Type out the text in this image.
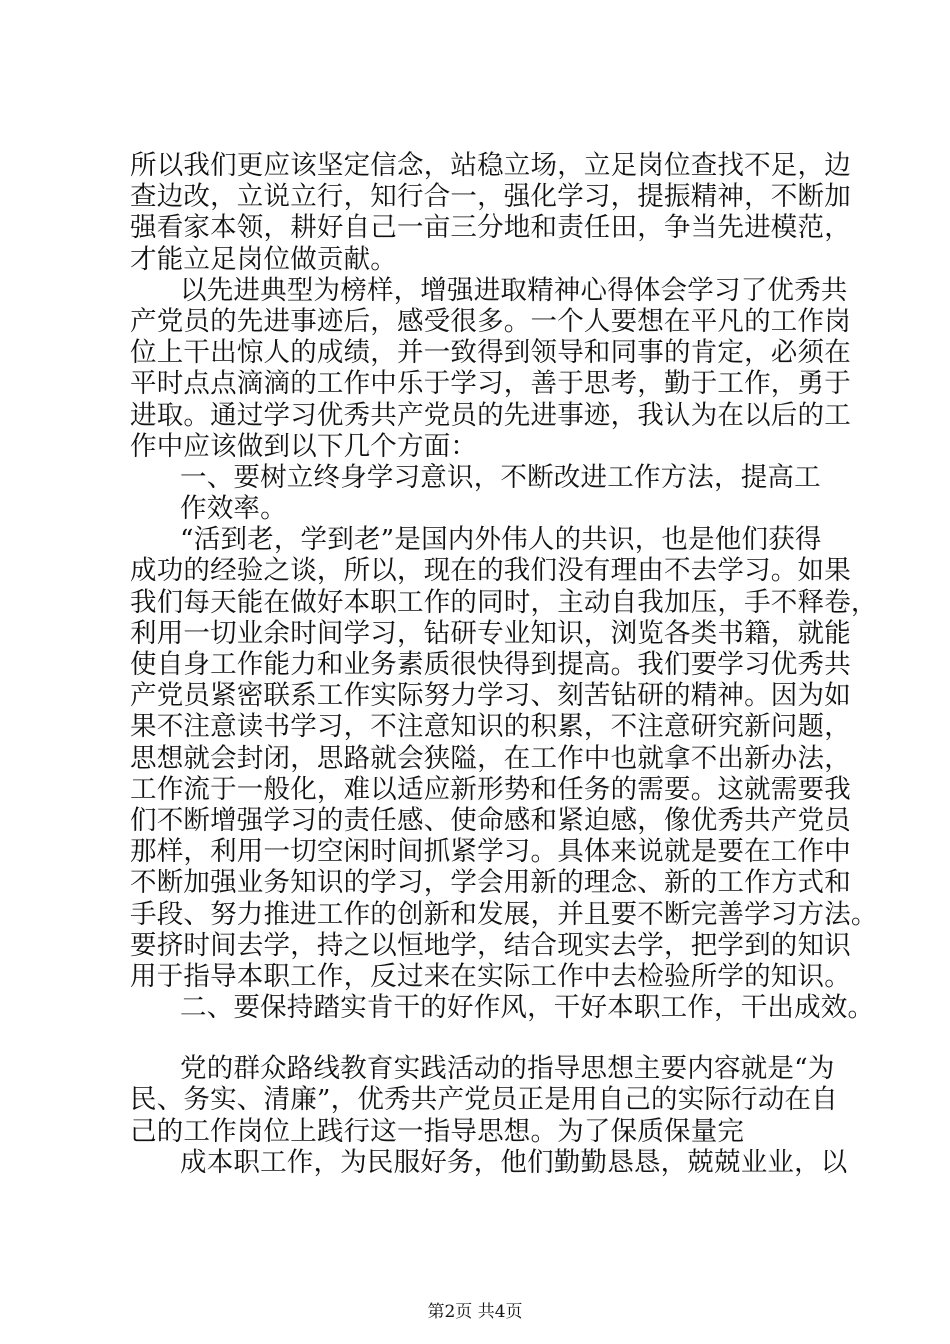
所以我们更应该坚定信念，站稳立场，立足岗位查找不足，边
查边改，立说立行，知行合一，强化学习，提振精神，不断加
强看家本领，耕好自己一亩三分地和责任田，争当先进模范，
才能立足岗位做贡献。
以先进典型为榜样，增强进取精神心得体会学习了优秀共
产党员的先进事迹后，感受很多。一个人要想在平凡的工作岗
位上干出惊人的成绩，并一致得到领导和同事的肯定，必须在
平时点点滴滴的工作中乐于学习，善于思考，勤于工作，勇于
进取。通过学习优秀共产党员的先进事迹，我认为在以后的工
作中应该做到以下几个方面：
一、要树立终身学习意识，不断改进工作方法，提高工
作效率。
“活到老，学到老”是国内外伟人的共识，也是他们获得
成功的经验之谈，所以，现在的我们没有理由不去学习。如果
我们每天能在做好本职工作的同时，主动自我加压，手不释卷，
利用一切业余时间学习，钻研专业知识，浏览各类书籍，就能
使自身工作能力和业务素质很快得到提高。我们要学习优秀共
产党员紧密联系工作实际努力学习、刻苦钻研的精神。因为如
果不注意读书学习，不注意知识的积累，不注意研究新问题，
思想就会封闭，思路就会狭隘，在工作中也就拿不出新办法，
工作流于一般化，难以适应新形势和任务的需要。这就需要我
们不断增强学习的责任感、使命感和紧迫感，像优秀共产党员
那样，利用一切空闲时间抓紧学习。具体来说就是要在工作中
不断加强业务知识的学习，学会用新的理念、新的工作方式和
手段、努力推进工作的创新和发展，并且要不断完善学习方法。
要挤时间去学，持之以恒地学，结合现实去学，把学到的知识
用于指导本职工作，反过来在实际工作中去检验所学的知识。
二、要保持踏实肯干的好作风，干好本职工作，干出成效。
党的群众路线教育实践活动的指导思想主要内容就是“为
民、务实、清廉”，优秀共产党员正是用自己的实际行动在自
己的工作岗位上践行这一指导思想。为了保质保量完
成本职工作，为民服好务，他们勤勤恳恳，兢兢业业，以
第2页 共4页
